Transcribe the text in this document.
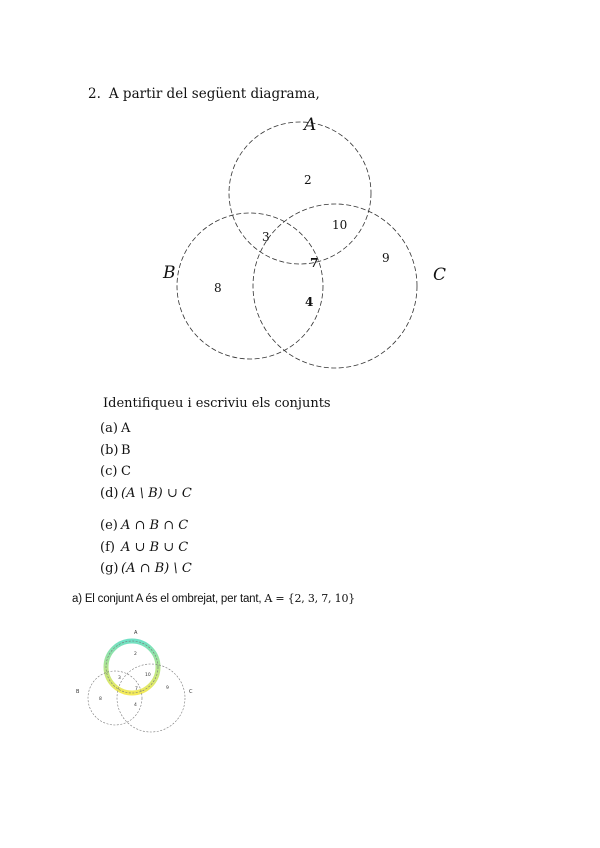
2. A partir del següent diagrama,
A
B	C
2
3
10
7
8
4
9
Identifiqueu i escriviu els conjunts
(a) A
(b) B
(c) C
(d) (A \ B) ∪ C
(e) A ∩ B ∩ C
(f) A ∪ B ∪ C
(g) (A ∩ B) \ C
a) El conjunt A és el ombrejat, per tant, A = {2, 3, 7, 10}
A
B	C
2
3
10
7
8
4
9
